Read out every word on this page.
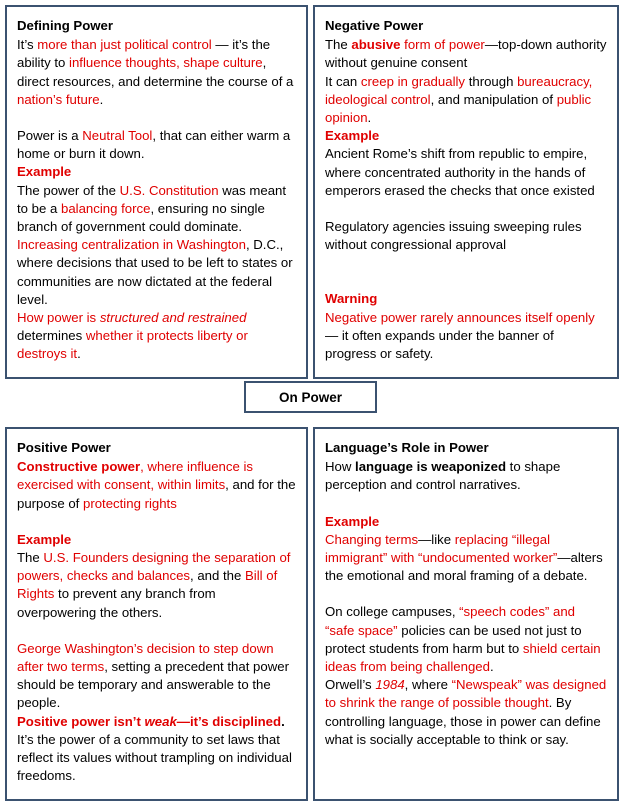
Defining Power

It’s more than just political control — it’s the ability to influence thoughts, shape culture, direct resources, and determine the course of a nation’s future.

Power is a Neutral Tool, that can either warm a home or burn it down.

Example

The power of the U.S. Constitution was meant to be a balancing force, ensuring no single branch of government could dominate.

Increasing centralization in Washington, D.C., where decisions that used to be left to states or communities are now dictated at the federal level.

How power is structured and restrained determines whether it protects liberty or destroys it.

Negative Power

The abusive form of power—top-down authority without genuine consent

It can creep in gradually through bureaucracy, ideological control, and manipulation of public opinion.

Example

Ancient Rome’s shift from republic to empire, where concentrated authority in the hands of emperors erased the checks that once existed

Regulatory agencies issuing sweeping rules without congressional approval

Warning

Negative power rarely announces itself openly — it often expands under the banner of progress or safety.

On Power

Positive Power

Constructive power, where influence is exercised with consent, within limits, and for the purpose of protecting rights

Example

The U.S. Founders designing the separation of powers, checks and balances, and the Bill of Rights to prevent any branch from overpowering the others.

George Washington’s decision to step down after two terms, setting a precedent that power should be temporary and answerable to the people.

Positive power isn’t weak—it’s disciplined.

It’s the power of a community to set laws that reflect its values without trampling on individual freedoms.

Language’s Role in Power

How language is weaponized to shape perception and control narratives.

Example

Changing terms—like replacing “illegal immigrant” with “undocumented worker”—alters the emotional and moral framing of a debate.

On college campuses, “speech codes” and “safe space” policies can be used not just to protect students from harm but to shield certain ideas from being challenged.

Orwell’s 1984, where “Newspeak” was designed to shrink the range of possible thought. By controlling language, those in power can define what is socially acceptable to think or say.
